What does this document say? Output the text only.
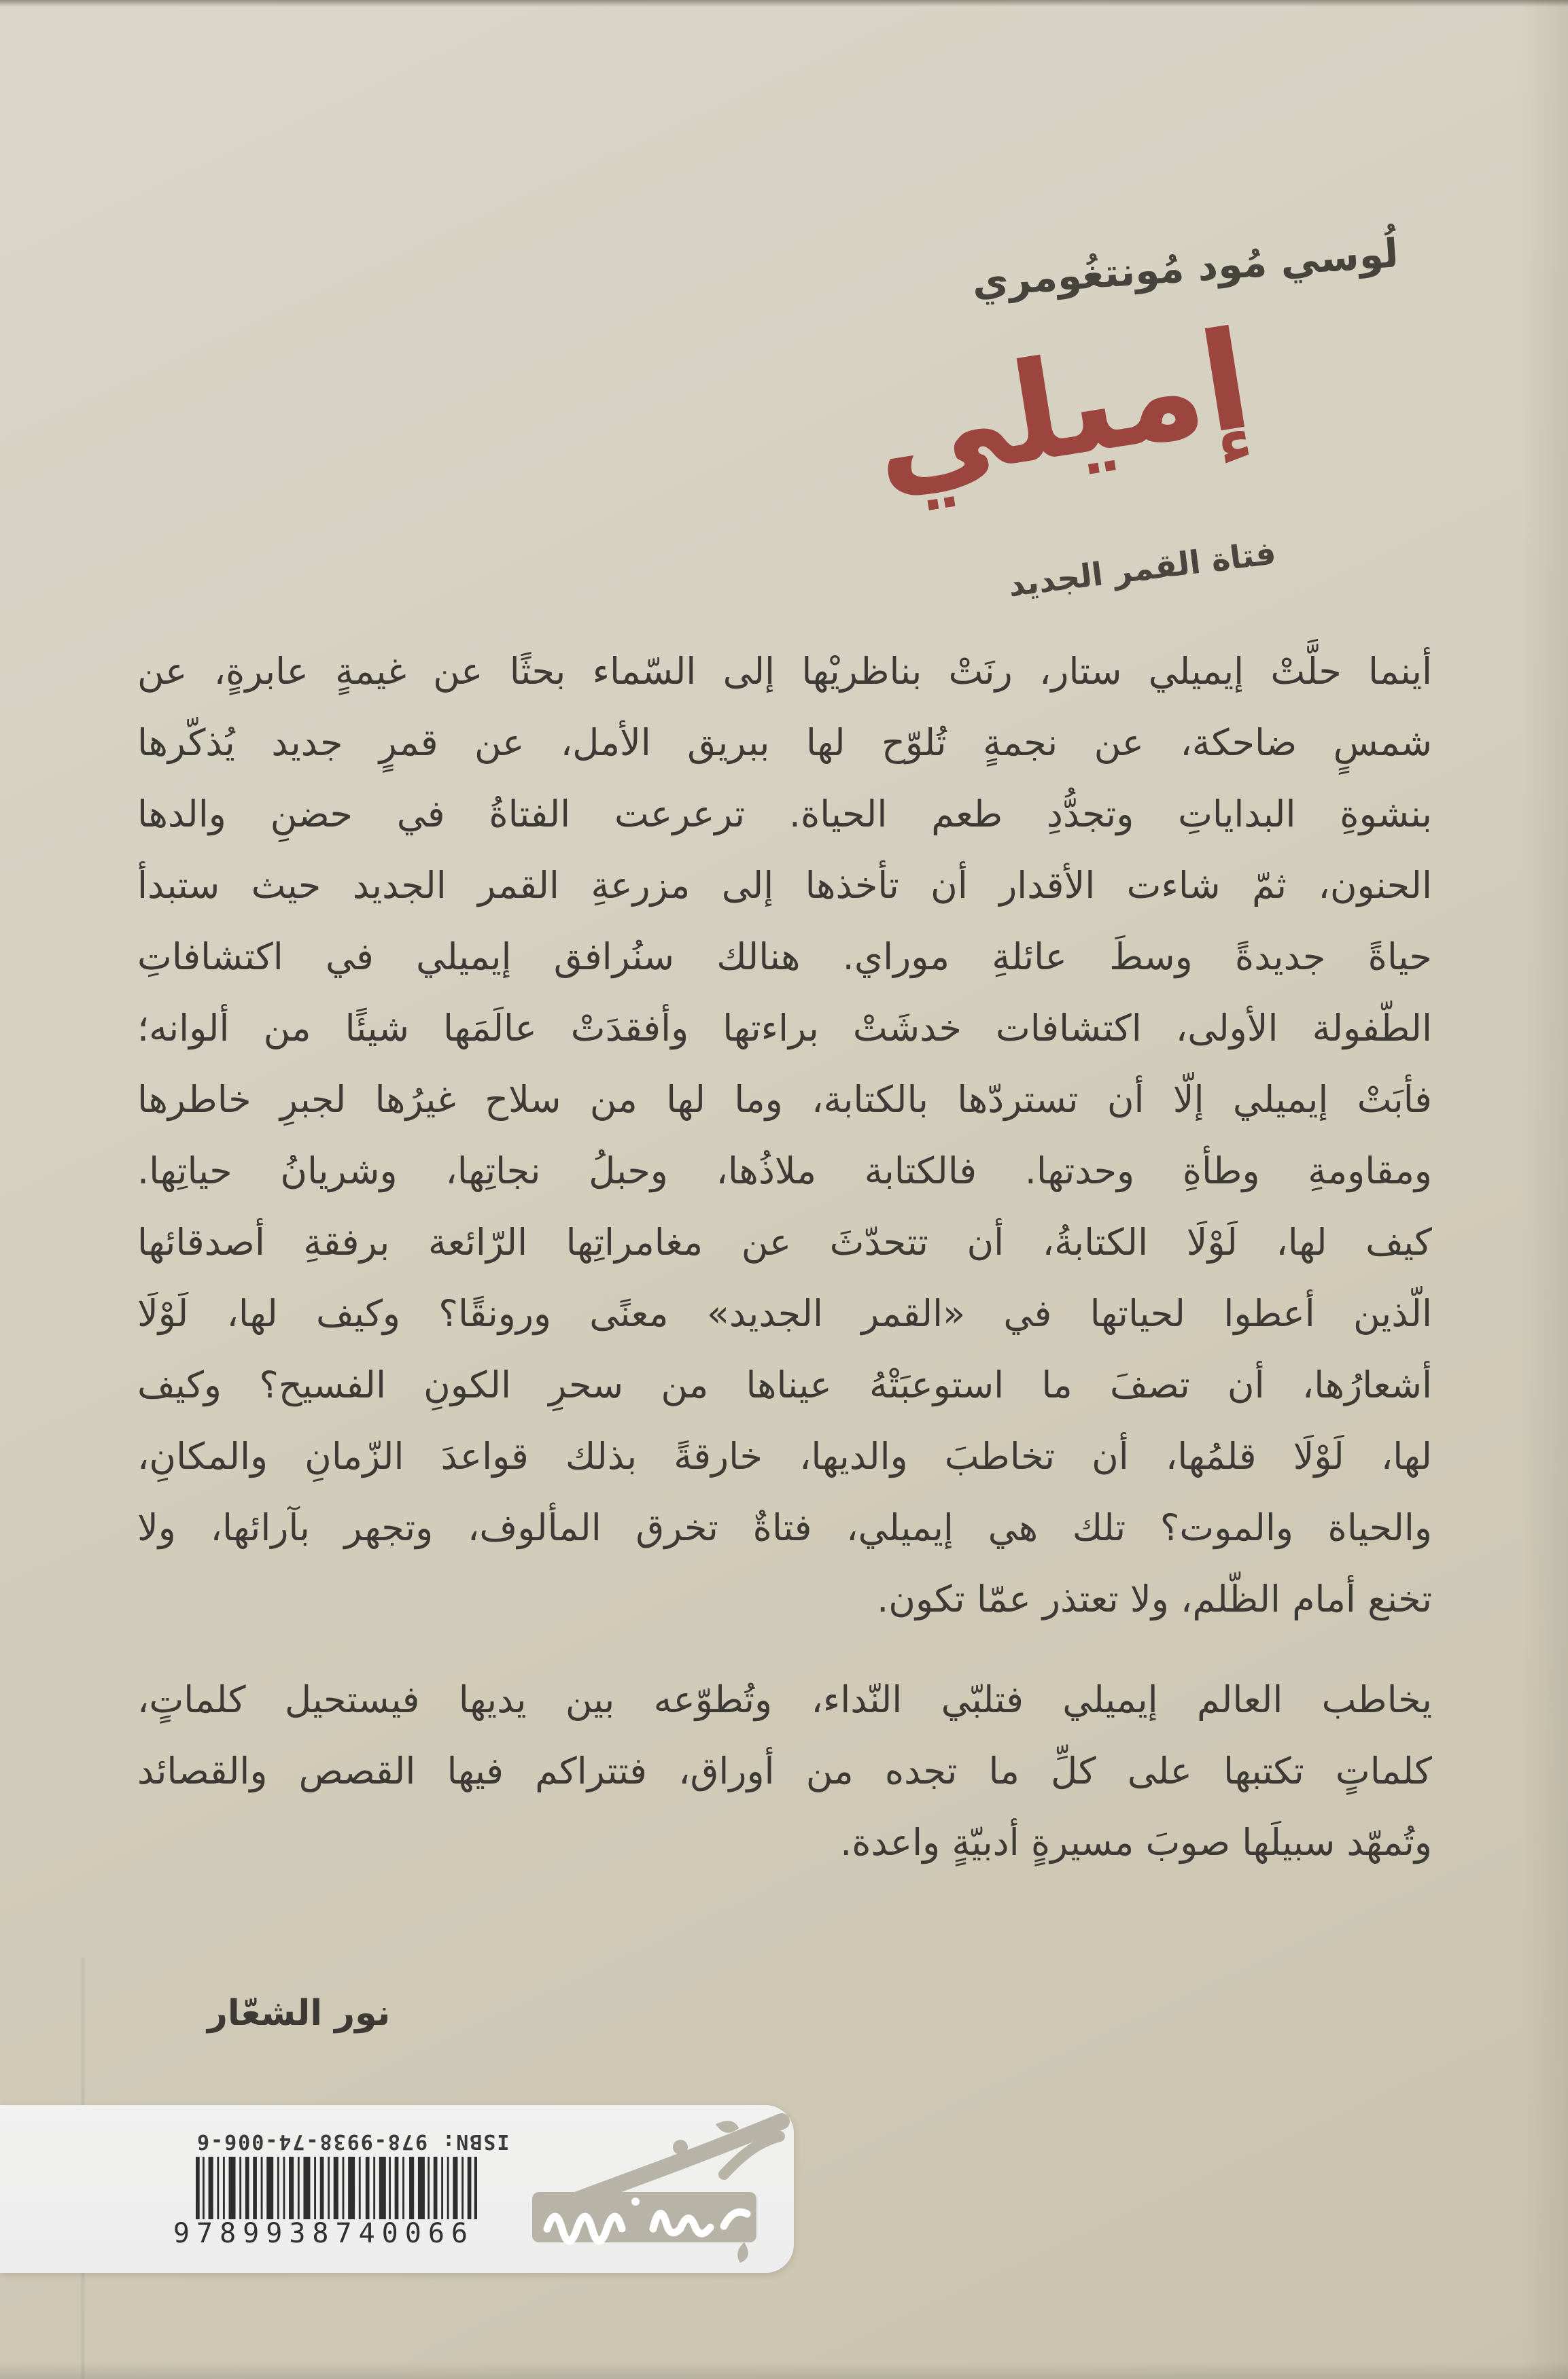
لُوسي مُود مُونتغُومري
إميلي
فتاة القمر الجديد
أينما حلَّتْ إيميلي ستار، رنَتْ بناظريْها إلى السّماء بحثًا عن غيمةٍ عابرةٍ، عن
شمسٍ ضاحكة، عن نجمةٍ تُلوّح لها ببريق الأمل، عن قمرٍ جديد يُذكّرها
بنشوةِ البداياتِ وتجدُّدِ طعم الحياة. ترعرعت الفتاةُ في حضنِ والدها
الحنون، ثمّ شاءت الأقدار أن تأخذها إلى مزرعةِ القمر الجديد حيث ستبدأ
حياةً جديدةً وسطَ عائلةِ موراي. هنالك سنُرافق إيميلي في اكتشافاتِ
الطّفولة الأولى، اكتشافات خدشَتْ براءتها وأفقدَتْ عالَمَها شيئًا من ألوانه؛
فأبَتْ إيميلي إلّا أن تستردّها بالكتابة، وما لها من سلاح غيرُها لجبرِ خاطرها
ومقاومةِ وطأةِ وحدتها. فالكتابة ملاذُها، وحبلُ نجاتِها، وشريانُ حياتِها.
كيف لها، لَوْلَا الكتابةُ، أن تتحدّثَ عن مغامراتِها الرّائعة برفقةِ أصدقائها
الّذين أعطوا لحياتها في «القمر الجديد» معنًى ورونقًا؟ وكيف لها، لَوْلَا
أشعارُها، أن تصفَ ما استوعبَتْهُ عيناها من سحرِ الكونِ الفسيح؟ وكيف
لها، لَوْلَا قلمُها، أن تخاطبَ والديها، خارقةً بذلك قواعدَ الزّمانِ والمكانِ،
والحياة والموت؟ تلك هي إيميلي، فتاةٌ تخرق المألوف، وتجهر بآرائها، ولا
تخنع أمام الظّلم، ولا تعتذر عمّا تكون.
يخاطب العالم إيميلي فتلبّي النّداء، وتُطوّعه بين يديها فيستحيل كلماتٍ،
كلماتٍ تكتبها على كلِّ ما تجده من أوراق، فتتراكم فيها القصص والقصائد
وتُمهّد سبيلَها صوبَ مسيرةٍ أدبيّةٍ واعدة.
نور الشعّار
ISBN: 978-9938-74-006-6
9789938740066
